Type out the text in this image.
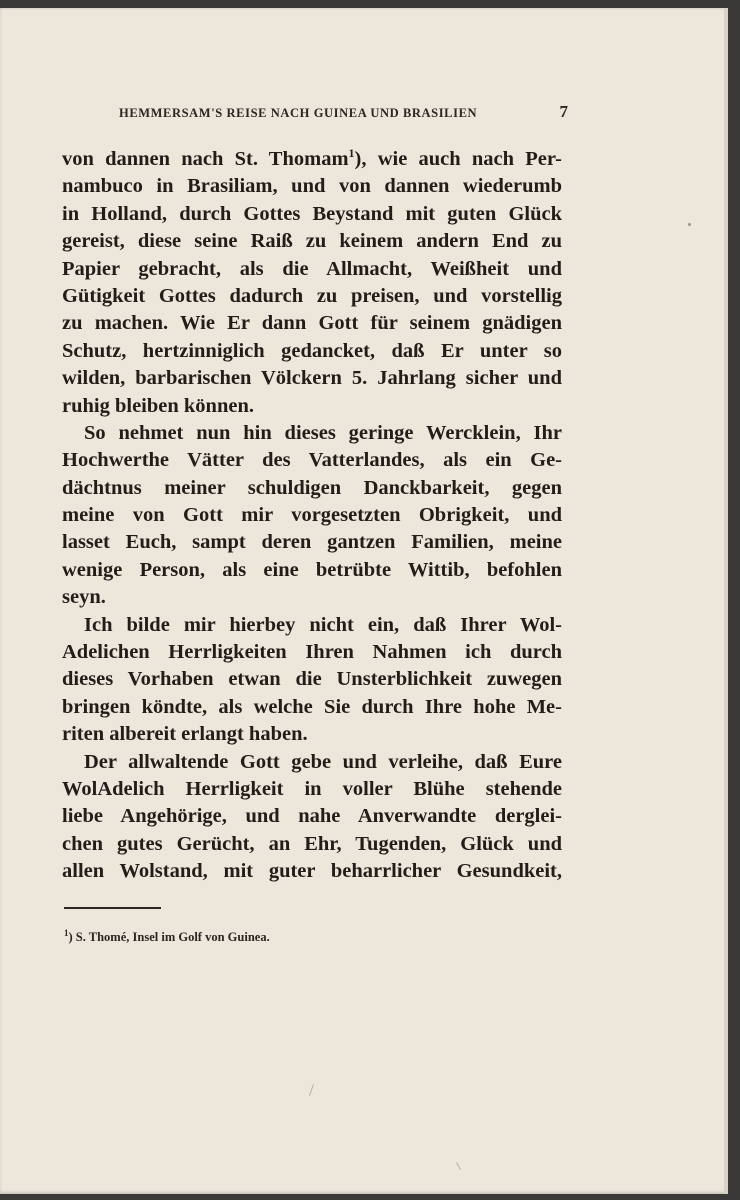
HEMMERSAM'S REISE NACH GUINEA UND BRASILIEN	7
von dannen nach St. Thomam$^1$), wie auch nach Per-
nambuco in Brasiliam, und von dannen wiederumb
in Holland, durch Gottes Beystand mit guten Glück
gereist, diese seine Raiß zu keinem andern End zu
Papier gebracht, als die Allmacht, Weißheit und
Gütigkeit Gottes dadurch zu preisen, und vorstellig
zu machen. Wie Er dann Gott für seinem gnädigen
Schutz, hertzinniglich gedancket, daß Er unter so
wilden, barbarischen Völckern 5. Jahrlang sicher und
ruhig bleiben können.
So nehmet nun hin dieses geringe Wercklein, Ihr
Hochwerthe Vätter des Vatterlandes, als ein Ge-
dächtnus meiner schuldigen Danckbarkeit, gegen
meine von Gott mir vorgesetzten Obrigkeit, und
lasset Euch, sampt deren gantzen Familien, meine
wenige Person, als eine betrübte Wittib, befohlen
seyn.
Ich bilde mir hierbey nicht ein, daß Ihrer Wol-
Adelichen Herrligkeiten Ihren Nahmen ich durch
dieses Vorhaben etwan die Unsterblichkeit zuwegen
bringen köndte, als welche Sie durch Ihre hohe Me-
riten albereit erlangt haben.
Der allwaltende Gott gebe und verleihe, daß Eure
WolAdelich Herrligkeit in voller Blühe stehende
liebe Angehörige, und nahe Anverwandte derglei-
chen gutes Gerücht, an Ehr, Tugenden, Glück und
allen Wolstand, mit guter beharrlicher Gesundkeit,
$^1$) S. Thomé, Insel im Golf von Guinea.
